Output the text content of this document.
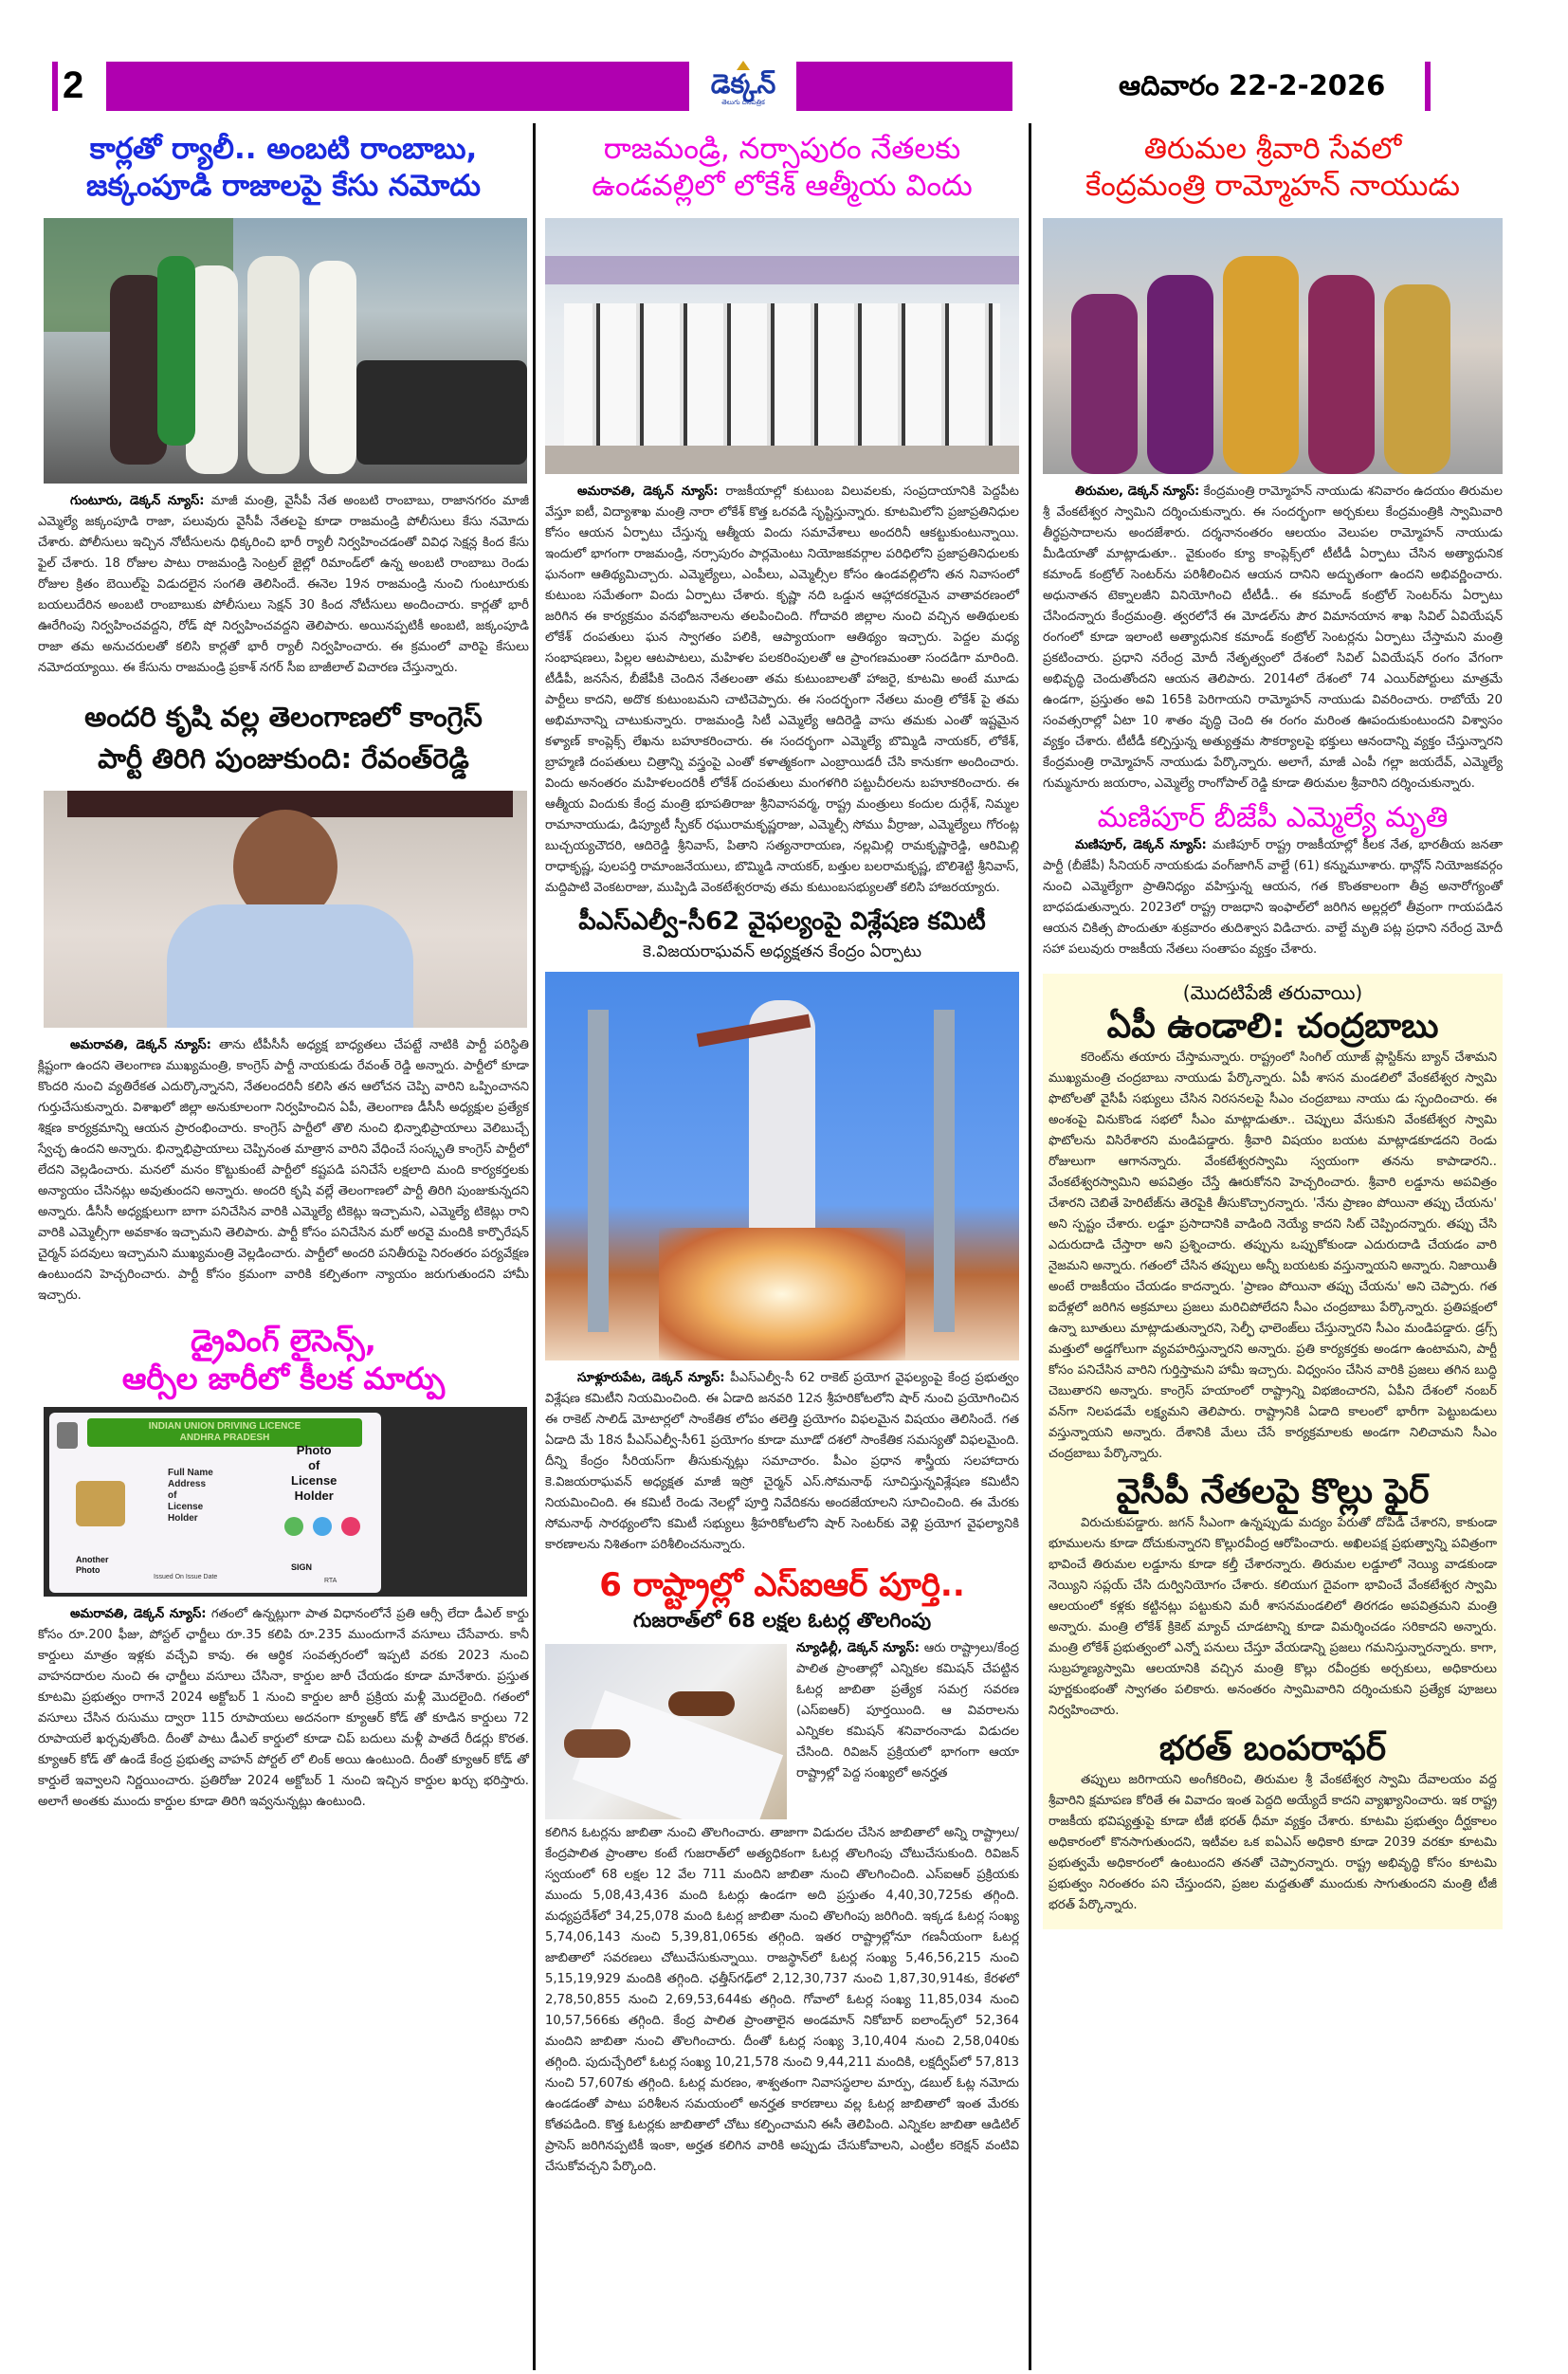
2	డెక్కన్
తెలుగు దినపత్రిక
ఆదివారం 22-2-2026
కార్లతో ర్యాలీ.. అంబటి రాంబాబు,
జక్కంపూడి రాజాలపై కేసు నమోదు

గుంటూరు, డెక్కన్ న్యూస్: మాజీ మంత్రి, వైసీపీ నేత అంబటి రాంబాబు, రాజానగరం మాజీ ఎమ్మెల్యే జక్కంపూడి రాజా, పలువురు వైసీపీ నేతలపై కూడా రాజమండ్రి పోలీసులు కేసు నమోదు చేశారు. పోలీసులు ఇచ్చిన నోటీసులను ధిక్కరించి భారీ ర్యాలీ నిర్వహించడంతో వివిధ సెక్షన్ల కింద కేసు ఫైల్ చేశారు. 18 రోజుల పాటు రాజమండ్రి సెంట్రల్ జైల్లో రిమాండ్‌లో ఉన్న అంబటి రాంబాబు రెండు రోజుల క్రితం బెయిల్‌పై విడుదలైన సంగతి తెలిసిందే. ఈనెల 19న రాజమండ్రి నుంచి గుంటూరుకు బయలుదేరిన అంబటి రాంబాబుకు పోలీసులు సెక్షన్ 30 కింద నోటీసులు అందించారు. కార్లతో భారీ ఊరేగింపు నిర్వహించవద్దని, రోడ్ షో నిర్వహించవద్దని తెలిపారు. అయినప్పటికీ అంబటి, జక్కంపూడి రాజా తమ అనుచరులతో కలిసి కార్లతో భారీ ర్యాలీ నిర్వహించారు. ఈ క్రమంలో వారిపై కేసులు నమోదయ్యాయి. ఈ కేసును రాజమండ్రి ప్రకాశ్ నగర్ సీఐ బాజీలాల్ విచారణ చేస్తున్నారు.

అందరి కృషి వల్ల తెలంగాణలో కాంగ్రెస్
పార్టీ తిరిగి పుంజుకుంది: రేవంత్‌రెడ్డి

అమరావతి, డెక్కన్ న్యూస్: తాను టీపీసీసీ అధ్యక్ష బాధ్యతలు చేపట్టే నాటికి పార్టీ పరిస్థితి క్లిష్టంగా ఉందని తెలంగాణ ముఖ్యమంత్రి, కాంగ్రెస్ పార్టీ నాయకుడు రేవంత్ రెడ్డి అన్నారు. పార్టీలో కూడా కొందరి నుంచి వ్యతిరేకత ఎదుర్కొన్నానని, నేతలందరినీ కలిసి తన ఆలోచన చెప్పి వారిని ఒప్పించానని గుర్తుచేసుకున్నారు. విశాఖలో జిల్లా అనుకూలంగా నిర్వహించిన ఏపీ, తెలంగాణ డీసీసీ అధ్యక్షుల ప్రత్యేక శిక్షణ కార్యక్రమాన్ని ఆయన ప్రారంభించారు. కాంగ్రెస్ పార్టీలో తొలి నుంచి భిన్నాభిప్రాయాలు వెలిబుచ్చే స్వేచ్ఛ ఉందని అన్నారు. భిన్నాభిప్రాయాలు చెప్పినంత మాత్రాన వారిని వేధించే సంస్కృతి కాంగ్రెస్ పార్టీలో లేదని వెల్లడించారు. మనలో మనం కొట్టుకుంటే పార్టీలో కష్టపడి పనిచేసే లక్షలాది మంది కార్యకర్తలకు అన్యాయం చేసినట్లు అవుతుందని అన్నారు. అందరి కృషి వల్లే తెలంగాణలో పార్టీ తిరిగి పుంజుకున్నదని అన్నారు. డీసీసీ అధ్యక్షులుగా బాగా పనిచేసిన వారికి ఎమ్మెల్యే టికెట్లు ఇచ్చామని, ఎమ్మెల్యే టికెట్లు రాని వారికి ఎమ్మెల్సీగా అవకాశం ఇచ్చామని తెలిపారు. పార్టీ కోసం పనిచేసిన మరో అరవై మందికి కార్పొరేషన్ చైర్మన్ పదవులు ఇచ్చామని ముఖ్యమంత్రి వెల్లడించారు. పార్టీలో అందరి పనితీరుపై నిరంతరం పర్యవేక్షణ ఉంటుందని హెచ్చరించారు. పార్టీ కోసం క్రమంగా వారికి కల్పితంగా న్యాయం జరుగుతుందని హామీ ఇచ్చారు.

డ్రైవింగ్ లైసెన్స్,
ఆర్సీల జారీలో కీలక మార్పు
INDIAN UNION DRIVING LICENCE
ANDHRA PRADESH
Full Name
Address
of
License
Holder
Photo
of
License
Holder
Another
Photo
Issued On Issue Date
SIGN
RTA

అమరావతి, డెక్కన్ న్యూస్: గతంలో ఉన్నట్లుగా పాత విధానంలోనే ప్రతి ఆర్సీ లేదా డీఎల్ కార్డు కోసం రూ.200 ఫీజు, పోస్టల్ ఛార్జీలు రూ.35 కలిపి రూ.235 ముందుగానే వసూలు చేసేవారు. కానీ కార్డులు మాత్రం ఇళ్లకు వచ్చేవి కావు. ఈ ఆర్థిక సంవత్సరంలో ఇప్పటి వరకు 2023 నుంచి వాహనదారుల నుంచి ఈ ఛార్జీలు వసూలు చేసినా, కార్డుల జారీ చేయడం కూడా మానేశారు. ప్రస్తుత కూటమి ప్రభుత్వం రాగానే 2024 అక్టోబర్ 1 నుంచి కార్డుల జారీ ప్రక్రియ మళ్లీ మొదలైంది. గతంలో వసూలు చేసిన రుసుము ద్వారా 115 రూపాయలు అదనంగా క్యూఆర్ కోడ్ తో కూడిన కార్డులు 72 రూపాయలే ఖర్చవుతోంది. దీంతో పాటు డీఎల్ కార్డులో కూడా చిప్ బదులు మళ్లీ పాతదే రీడర్లు కొరత. క్యూఆర్ కోడ్ తో ఉండే కేంద్ర ప్రభుత్వ వాహన్ పోర్టల్ లో లింక్ అయి ఉంటుంది. దీంతో క్యూఆర్ కోడ్ తో కార్డులే ఇవ్వాలని నిర్ణయించారు. ప్రతిరోజు 2024 అక్టోబర్ 1 నుంచి ఇచ్చిన కార్డుల ఖర్చు భరిస్తారు. అలాగే అంతకు ముందు కార్డుల కూడా తిరిగి ఇవ్వనున్నట్లు ఉంటుంది.

రాజమండ్రి, నర్సాపురం నేతలకు
ఉండవల్లిలో లోకేశ్ ఆత్మీయ విందు

అమరావతి, డెక్కన్ న్యూస్: రాజకీయాల్లో కుటుంబ విలువలకు, సంప్రదాయానికి పెద్దపీట వేస్తూ ఐటీ, విద్యాశాఖ మంత్రి నారా లోకేశ్ కొత్త ఒరవడి సృష్టిస్తున్నారు. కూటమిలోని ప్రజాప్రతినిధుల కోసం ఆయన ఏర్పాటు చేస్తున్న ఆత్మీయ విందు సమావేశాలు అందరినీ ఆకట్టుకుంటున్నాయి. ఇందులో భాగంగా రాజమండ్రి, నర్సాపురం పార్లమెంటు నియోజకవర్గాల పరిధిలోని ప్రజాప్రతినిధులకు ఘనంగా ఆతిథ్యమిచ్చారు. ఎమ్మెల్యేలు, ఎంపీలు, ఎమ్మెల్సీల కోసం ఉండవల్లిలోని తన నివాసంలో కుటుంబ సమేతంగా విందు ఏర్పాటు చేశారు. కృష్ణా నది ఒడ్డున ఆహ్లాదకరమైన వాతావరణంలో జరిగిన ఈ కార్యక్రమం వనభోజనాలను తలపించింది. గోదావరి జిల్లాల నుంచి వచ్చిన అతిథులకు లోకేశ్ దంపతులు ఘన స్వాగతం పలికి, ఆప్యాయంగా ఆతిథ్యం ఇచ్చారు. పెద్దల మధ్య సంభాషణలు, పిల్లల ఆటపాటలు, మహిళల పలకరింపులతో ఆ ప్రాంగణమంతా సందడిగా మారింది. టీడీపీ, జనసేన, బీజేపీకి చెందిన నేతలంతా తమ కుటుంబాలతో హాజరై, కూటమి అంటే మూడు పార్టీలు కాదని, అదొక కుటుంబమని చాటిచెప్పారు. ఈ సందర్భంగా నేతలు మంత్రి లోకేశ్ పై తమ అభిమానాన్ని చాటుకున్నారు. రాజమండ్రి సిటీ ఎమ్మెల్యే ఆదిరెడ్డి వాసు తమకు ఎంతో ఇష్టమైన కళ్యాణ్ కాంప్లెక్స్ లేఖను బహూకరించారు. ఈ సందర్భంగా ఎమ్మెల్యే బొమ్మిడి నాయకర్, లోకేశ్, బ్రాహ్మణి దంపతులు చిత్రాన్ని వస్త్రంపై ఎంతో కళాత్మకంగా ఎంబ్రాయిడరీ చేసి కానుకగా అందించారు. విందు అనంతరం మహిళలందరికీ లోకేశ్ దంపతులు మంగళగిరి పట్టుచీరలను బహూకరించారు. ఈ ఆత్మీయ విందుకు కేంద్ర మంత్రి భూపతిరాజు శ్రీనివాసవర్మ, రాష్ట్ర మంత్రులు కందుల దుర్గేశ్, నిమ్మల రామానాయుడు, డిప్యూటీ స్పీకర్ రఘురామకృష్ణరాజు, ఎమ్మెల్సీ సోము వీర్రాజు, ఎమ్మెల్యేలు గోరంట్ల బుచ్చయ్యచౌదరి, ఆదిరెడ్డి శ్రీనివాస్, పితాని సత్యనారాయణ, నల్లమిల్లి రామకృష్ణారెడ్డి, ఆరిమిల్లి రాధాకృష్ణ, పులపర్తి రామాంజనేయులు, బొమ్మిడి నాయకర్, బత్తుల బలరామకృష్ణ, బొలిశెట్టి శ్రీనివాస్, మద్దిపాటి వెంకటరాజు, ముప్పిడి వెంకటేశ్వరరావు తమ కుటుంబసభ్యులతో కలిసి హాజరయ్యారు.

పీఎస్ఎల్వీ-సీ62 వైఫల్యంపై విశ్లేషణ కమిటీ
కె.విజయరాఘవన్ అధ్యక్షతన కేంద్రం ఏర్పాటు

సూళ్లూరుపేట, డెక్కన్ న్యూస్: పీఎస్ఎల్వీ-సీ 62 రాకెట్ ప్రయోగ వైఫల్యంపై కేంద్ర ప్రభుత్వం విశ్లేషణ కమిటీని నియమించింది. ఈ ఏడాది జనవరి 12న శ్రీహరికోటలోని షార్ నుంచి ప్రయోగించిన ఈ రాకెట్ సాలిడ్ మోటార్లలో సాంకేతిక లోపం తలెత్తి ప్రయోగం విఫలమైన విషయం తెలిసిందే. గత ఏడాది మే 18న పీఎస్ఎల్వీ-సీ61 ప్రయోగం కూడా మూడో దశలో సాంకేతిక సమస్యతో విఫలమైంది. దీన్ని కేంద్రం సీరియస్‌గా తీసుకున్నట్లు సమాచారం. పీఎం ప్రధాన శాస్త్రీయ సలహాదారు కె.విజయరాఘవన్ అధ్యక్షత మాజీ ఇస్రో చైర్మన్ ఎస్.సోమనాథ్ సూచిస్తున్నవిశ్లేషణ కమిటీని నియమించింది. ఈ కమిటీ రెండు నెలల్లో పూర్తి నివేదికను అందజేయాలని సూచించింది. ఈ మేరకు సోమనాథ్ సారథ్యంలోని కమిటీ సభ్యులు శ్రీహరికోటలోని షార్ సెంటర్‌కు వెళ్లి ప్రయోగ వైఫల్యానికి కారణాలను నిశితంగా పరిశీలించనున్నారు.

6 రాష్ట్రాల్లో ఎస్ఐఆర్ పూర్తి..
గుజరాత్‌లో 68 లక్షల ఓటర్ల తొలగింపు

న్యూఢిల్లీ, డెక్కన్ న్యూస్: ఆరు రాష్ట్రాలు/కేంద్ర పాలిత ప్రాంతాల్లో ఎన్నికల కమిషన్ చేపట్టిన ఓటర్ల జాబితా ప్రత్యేక సమగ్ర సవరణ (ఎస్ఐఆర్) పూర్తయింది. ఆ వివరాలను ఎన్నికల కమిషన్ శనివారంనాడు విడుదల చేసింది. రివిజన్ ప్రక్రియలో భాగంగా ఆయా రాష్ట్రాల్లో పెద్ద సంఖ్యలో అనర్హత

కలిగిన ఓటర్లను జాబితా నుంచి తొలగించారు. తాజాగా విడుదల చేసిన జాబితాలో అన్ని రాష్ట్రాలు/కేంద్రపాలిత ప్రాంతాల కంటే గుజరాత్‌లో అత్యధికంగా ఓటర్ల తొలగింపు చోటుచేసుకుంది. రివిజన్ స్వయంలో 68 లక్షల 12 వేల 711 మందిని జాబితా నుంచి తొలగించింది. ఎస్ఐఆర్ ప్రక్రియకు ముందు 5,08,43,436 మంది ఓటర్లు ఉండగా అది ప్రస్తుతం 4,40,30,725కు తగ్గింది. మధ్యప్రదేశ్‌లో 34,25,078 మంది ఓటర్ల జాబితా నుంచి తొలగింపు జరిగింది. ఇక్కడ ఓటర్ల సంఖ్య 5,74,06,143 నుంచి 5,39,81,065కు తగ్గింది. ఇతర రాష్ట్రాల్లోనూ గణనీయంగా ఓటర్ల జాబితాలో సవరణలు చోటుచేసుకున్నాయి. రాజస్థాన్‌లో ఓటర్ల సంఖ్య 5,46,56,215 నుంచి 5,15,19,929 మందికి తగ్గింది. ఛత్తీస్‌గఢ్‌లో 2,12,30,737 నుంచి 1,87,30,914కు, కేరళలో 2,78,50,855 నుంచి 2,69,53,644కు తగ్గింది. గోవాలో ఓటర్ల సంఖ్య 11,85,034 నుంచి 10,57,566కు తగ్గింది. కేంద్ర పాలిత ప్రాంతాలైన అండమాన్ నికోబార్ ఐలాండ్స్‌లో 52,364 మందిని జాబితా నుంచి తొలగించారు. దీంతో ఓటర్ల సంఖ్య 3,10,404 నుంచి 2,58,040కు తగ్గింది. పుదుచ్చేరిలో ఓటర్ల సంఖ్య 10,21,578 నుంచి 9,44,211 మందికి, లక్షద్వీప్‌లో 57,813 నుంచి 57,607కు తగ్గింది. ఓటర్ల మరణం, శాశ్వతంగా నివాసస్థలాల మార్పు, డబుల్ ఓట్ల నమోదు ఉండడంతో పాటు పరిశీలన సమయంలో అనర్హత కారణాలు వల్ల ఓటర్ల జాబితాలో ఇంత మేరకు కోతపడింది. కొత్త ఓటర్లకు జాబితాలో చోటు కల్పించామని ఈసీ తెలిపింది. ఎన్నికల జాబితా ఆడిటిల్ ప్రాసెస్ జరిగినప్పటికీ ఇంకా, అర్హత కలిగిన వారికి అప్పుడు చేసుకోవాలని, ఎంట్రీల కరెక్షన్ వంటివి చేసుకోవచ్చని పేర్కొంది.

తిరుమల శ్రీవారి సేవలో
కేంద్రమంత్రి రామ్మోహన్ నాయుడు

తిరుమల, డెక్కన్ న్యూస్: కేంద్రమంత్రి రామ్మోహన్ నాయుడు శనివారం ఉదయం తిరుమల శ్రీ వేంకటేశ్వర స్వామిని దర్శించుకున్నారు. ఈ సందర్భంగా అర్చకులు కేంద్రమంత్రికి స్వామివారి తీర్థప్రసాదాలను అందజేశారు. దర్శనానంతరం ఆలయం వెలుపల రామ్మోహన్ నాయుడు మీడియాతో మాట్లాడుతూ.. వైకుంఠం క్యూ కాంప్లెక్స్‌లో టీటీడీ ఏర్పాటు చేసిన అత్యాధునిక కమాండ్ కంట్రోల్ సెంటర్‌ను పరిశీలించిన ఆయన దానిని అద్భుతంగా ఉందని అభివర్ణించారు. అధునాతన టెక్నాలజీని వినియోగించి టీటీడీ.. ఈ కమాండ్ కంట్రోల్ సెంటర్‌ను ఏర్పాటు చేసిందన్నారు కేంద్రమంత్రి. త్వరలోనే ఈ మోడల్‌ను పౌర విమానయాన శాఖ సివిల్ ఏవియేషన్ రంగంలో కూడా ఇలాంటి అత్యాధునిక కమాండ్ కంట్రోల్ సెంటర్లను ఏర్పాటు చేస్తామని మంత్రి ప్రకటించారు. ప్రధాని నరేంద్ర మోదీ నేతృత్వంలో దేశంలో సివిల్ ఏవియేషన్ రంగం వేగంగా అభివృద్ధి చెందుతోందని ఆయన తెలిపారు. 2014లో దేశంలో 74 ఎయిర్‌పోర్టులు మాత్రమే ఉండగా, ప్రస్తుతం అవి 165కి పెరిగాయని రామ్మోహన్ నాయుడు వివరించారు. రాబోయే 20 సంవత్సరాల్లో ఏటా 10 శాతం వృద్ధి చెంది ఈ రంగం మరింత ఊపందుకుంటుందని విశ్వాసం వ్యక్తం చేశారు. టీటీడీ కల్పిస్తున్న అత్యుత్తమ సౌకర్యాలపై భక్తులు ఆనందాన్ని వ్యక్తం చేస్తున్నారని కేంద్రమంత్రి రామ్మోహన్ నాయుడు పేర్కొన్నారు. అలాగే, మాజీ ఎంపీ గల్లా జయదేవ్, ఎమ్మెల్యే గుమ్మనూరు జయరాం, ఎమ్మెల్యే రాంగోపాల్ రెడ్డి కూడా తిరుమల శ్రీవారిని దర్శించుకున్నారు.

మణిపూర్ బీజేపీ ఎమ్మెల్యే మృతి

మణిపూర్, డెక్కన్ న్యూస్: మణిపూర్ రాష్ట్ర రాజకీయాల్లో కీలక నేత, భారతీయ జనతా పార్టీ (బీజేపీ) సీనియర్ నాయకుడు వంగ్‌జాగిన్ వాల్టే (61) కన్నుమూశారు. థాన్లోన్ నియోజకవర్గం నుంచి ఎమ్మెల్యేగా ప్రాతినిధ్యం వహిస్తున్న ఆయన, గత కొంతకాలంగా తీవ్ర అనారోగ్యంతో బాధపడుతున్నారు. 2023లో రాష్ట్ర రాజధాని ఇంఫాల్‌లో జరిగిన అల్లర్లలో తీవ్రంగా గాయపడిన ఆయన చికిత్స పొందుతూ శుక్రవారం తుదిశ్వాస విడిచారు. వాల్టే మృతి పట్ల ప్రధాని నరేంద్ర మోదీ సహా పలువురు రాజకీయ నేతలు సంతాపం వ్యక్తం చేశారు.

(మొదటిపేజీ తరువాయి)
ఏపీ ఉండాలి: చంద్రబాబు

కరెంట్‌ను తయారు చేస్తామన్నారు. రాష్ట్రంలో సింగిల్ యూజ్ ప్లాస్టిక్‌ను బ్యాన్ చేశామని ముఖ్యమంత్రి చంద్రబాబు నాయుడు పేర్కొన్నారు. ఏపీ శాసన మండలిలో వేంకటేశ్వర స్వామి ఫొటోలతో వైసీపీ సభ్యులు చేసిన నిరసనలపై సీఎం చంద్రబాబు నాయు డు స్పందించారు. ఈ అంశంపై వినుకొండ సభలో సీఎం మాట్లాడుతూ.. చెప్పులు వేసుకుని వేంకటేశ్వర స్వామి ఫొటోలను విసిరేశారని మండిపడ్డారు. శ్రీవారి విషయం బయట మాట్లాడకూడదని రెండు రోజులుగా ఆగానన్నారు. వేంకటేశ్వరస్వామి స్వయంగా తనను కాపాడారని.. వేంకటేశ్వరస్వామిని అపవిత్రం చేస్తే ఊరుకోనని హెచ్చరించారు. శ్రీవారి లడ్డూను అపవిత్రం చేశారని చెబితే హెరిటేజ్‌ను తెరపైకి తీసుకొచ్చారన్నారు. 'నేను ప్రాణం పోయినా తప్పు చేయను' అని స్పష్టం చేశారు. లడ్డూ ప్రసాదానికి వాడింది నెయ్యే కాదని సిట్ చెప్పిందన్నారు. తప్పు చేసి ఎదురుదాడి చేస్తారా అని ప్రశ్నించారు. తప్పును ఒప్పుకోకుండా ఎదురుదాడి చేయడం వారి నైజమని అన్నారు. గతంలో చేసిన తప్పులు అన్నీ బయటకు వస్తున్నాయని అన్నారు. నిజాయితీ అంటే రాజకీయం చేయడం కాదన్నారు. 'ప్రాణం పోయినా తప్పు చేయను' అని చెప్పారు. గత ఐదేళ్లలో జరిగిన అక్రమాలు ప్రజలు మరిచిపోలేదని సీఎం చంద్రబాబు పేర్కొన్నారు. ప్రతిపక్షంలో ఉన్నా బూతులు మాట్లాడుతున్నారని, సెల్ఫీ ఛాలెంజ్‌లు చేస్తున్నారని సీఎం మండిపడ్డారు. డ్రగ్స్ మత్తులో అడ్డగోలుగా వ్యవహరిస్తున్నారని అన్నారు. ప్రతి కార్యకర్తకు అండగా ఉంటామని, పార్టీ కోసం పనిచేసిన వారిని గుర్తిస్తామని హామీ ఇచ్చారు. విధ్వంసం చేసిన వారికి ప్రజలు తగిన బుద్ధి చెబుతారని అన్నారు. కాంగ్రెస్ హయాంలో రాష్ట్రాన్ని విభజించారని, ఏపీని దేశంలో నంబర్ వన్‌గా నిలపడమే లక్ష్యమని తెలిపారు. రాష్ట్రానికి ఏడాది కాలంలో భారీగా పెట్టుబడులు వస్తున్నాయని అన్నారు. దేశానికి మేలు చేసే కార్యక్రమాలకు అండగా నిలిచామని సీఎం చంద్రబాబు పేర్కొన్నారు.

వైసీపీ నేతలపై కొల్లు ఫైర్

విరుచుకుపడ్డారు. జగన్ సీఎంగా ఉన్నప్పుడు మద్యం పేరుతో దోపిడీ చేశారని, కాకుండా భూములను కూడా దోచుకున్నారని కొల్లురవీంద్ర ఆరోపించారు. అఖిలపక్ష ప్రభుత్వాన్ని పవిత్రంగా భావించే తిరుమల లడ్డూను కూడా కల్తీ చేశారన్నారు. తిరుమల లడ్డూలో నెయ్యి వాడకుండా నెయ్యిని సప్లయ్ చేసి దుర్వినియోగం చేశారు. కలియుగ దైవంగా భావించే వేంకటేశ్వర స్వామి ఆలయంలో కళ్లకు కట్టినట్లు పట్టుకుని మరీ శాసనమండలిలో తిరగడం అపవిత్రమని మంత్రి అన్నారు. మంత్రి లోకేశ్ క్రికెట్ మ్యాచ్ చూడటాన్ని కూడా విమర్శించడం సరికాదని అన్నారు. మంత్రి లోకేశ్ ప్రభుత్వంలో ఎన్నో పనులు చేస్తూ వేయడాన్ని ప్రజలు గమనిస్తున్నారన్నారు. కాగా, సుబ్రహ్మణ్యస్వామి ఆలయానికి వచ్చిన మంత్రి కొల్లు రవీంద్రకు అర్చకులు, అధికారులు పూర్ణకుంభంతో స్వాగతం పలికారు. అనంతరం స్వామివారిని దర్శించుకుని ప్రత్యేక పూజలు నిర్వహించారు.

భరత్ బంపరాఫర్

తప్పులు జరిగాయని అంగీకరించి, తిరుమల శ్రీ వేంకటేశ్వర స్వామి దేవాలయం వద్ద శ్రీవారిని క్షమాపణ కోరితే ఈ వివాదం ఇంత పెద్దది అయ్యేదే కాదని వ్యాఖ్యానించారు. ఇక రాష్ట్ర రాజకీయ భవిష్యత్తుపై కూడా టీజీ భరత్ ధీమా వ్యక్తం చేశారు. కూటమి ప్రభుత్వం దీర్ఘకాలం అధికారంలో కొనసాగుతుందని, ఇటీవల ఒక ఐఏఎస్ అధికారి కూడా 2039 వరకూ కూటమి ప్రభుత్వమే అధికారంలో ఉంటుందని తనతో చెప్పారన్నారు. రాష్ట్ర అభివృద్ధి కోసం కూటమి ప్రభుత్వం నిరంతరం పని చేస్తుందని, ప్రజల మద్దతుతో ముందుకు సాగుతుందని మంత్రి టీజీ భరత్ పేర్కొన్నారు.
